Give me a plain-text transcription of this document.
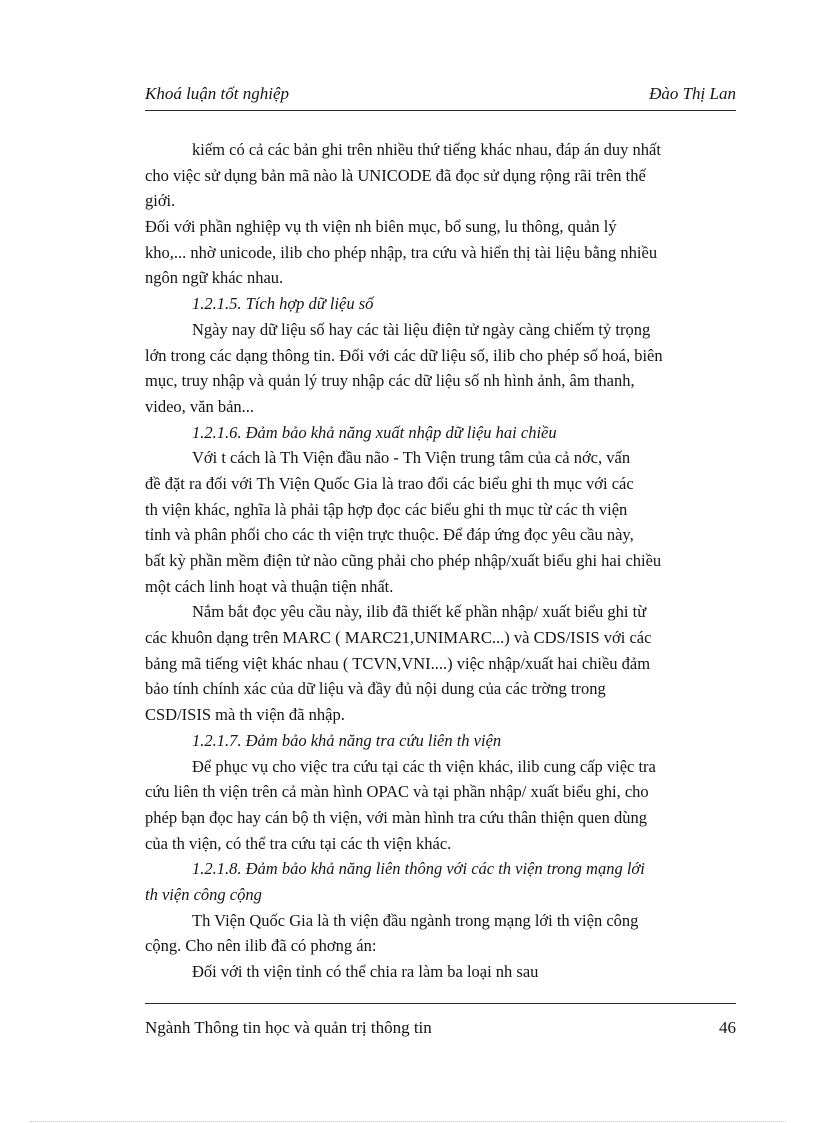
Khoá luận tốt nghiệp	Đào Thị Lan
kiếm có cả các bản ghi trên nhiều thứ tiếng khác nhau, đáp án duy nhất
cho việc sử dụng bản mã nào là UNICODE đã đọc sử dụng rộng rãi trên thế
giới.
Đối với phần nghiệp vụ th viện nh biên mục, bổ sung, lu thông, quản lý
kho,... nhờ unicode, ilib cho phép nhập, tra cứu và hiển thị tài liệu bằng nhiều
ngôn ngữ khác nhau.
1.2.1.5. Tích hợp dữ liệu số
Ngày nay dữ liệu số hay các tài liệu điện tử ngày càng chiếm tỷ trọng
lớn trong các dạng thông tin. Đối với các dữ liệu số, ilib cho phép số hoá, biên
mục, truy nhập và quản lý truy nhập các dữ liệu số nh hình ảnh, âm thanh,
video, văn bản...
1.2.1.6. Đảm bảo khả năng xuất nhập dữ liệu hai chiều
Với t cách là Th Viện đầu não - Th Viện trung tâm của cả nớc, vấn
đề đặt ra đối với Th Viện Quốc Gia là trao đổi các biểu ghi th mục với các
th viện khác, nghĩa là phải tập hợp đọc các biểu ghi th mục từ các th viện
tỉnh và phân phối cho các th viện trực thuộc. Để đáp ứng đọc yêu cầu này,
bất kỳ phần mềm điện tử nào cũng phải cho phép nhập/xuất biểu ghi hai chiều
một cách linh hoạt và thuận tiện nhất.
Nắm bắt đọc yêu cầu này, ilib đã thiết kế phần nhập/ xuất biểu ghi từ
các khuôn dạng trên MARC ( MARC21,UNIMARC...) và CDS/ISIS với các
bảng mã tiếng việt khác nhau ( TCVN,VNI....) việc nhập/xuất hai chiều đảm
bảo tính chính xác của dữ liệu và đầy đủ nội dung của các trờng trong
CSD/ISIS mà th viện đã nhập.
1.2.1.7. Đảm bảo khả năng tra cứu liên th viện
Để phục vụ cho việc tra cứu tại các th viện khác, ilib cung cấp việc tra
cứu liên th viện trên cả màn hình OPAC và tại phần nhập/ xuất biểu ghi, cho
phép bạn đọc hay cán bộ th viện, với màn hình tra cứu thân thiện quen dùng
của th viện, có thể tra cứu tại các th viện khác.
1.2.1.8. Đảm bảo khả năng liên thông với các th viện trong mạng lới
th viện công cộng
Th Viện Quốc Gia là th viện đầu ngành trong mạng lới th viện công
cộng. Cho nên ilib đã có phơng án:
Đối với th viện tỉnh có thể chia ra làm ba loại nh sau
Ngành Thông tin học và quản trị thông tin	46
